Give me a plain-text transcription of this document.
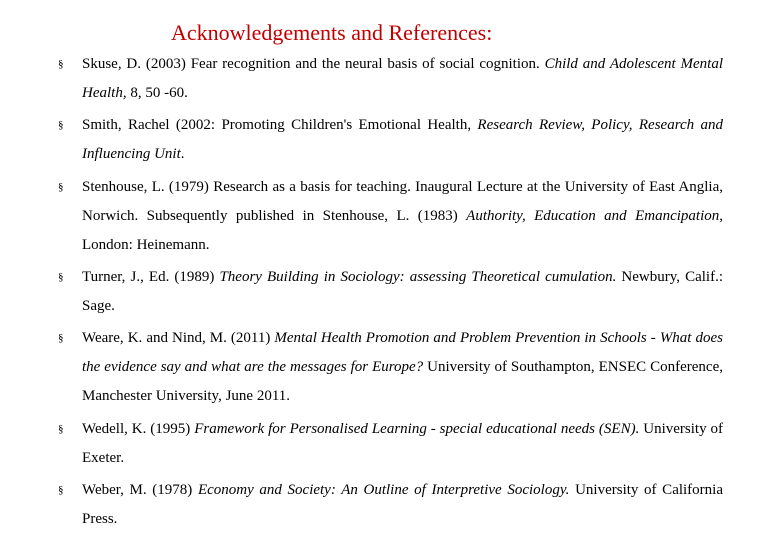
Acknowledgements and References:
§ Skuse, D. (2003) Fear recognition and the neural basis of social cognition. Child and Adolescent Mental Health, 8, 50 -60.
§ Smith, Rachel (2002: Promoting Children's Emotional Health, Research Review, Policy, Research and Influencing Unit.
§ Stenhouse, L. (1979) Research as a basis for teaching. Inaugural Lecture at the University of East Anglia, Norwich. Subsequently published in Stenhouse, L. (1983) Authority, Education and Emancipation, London: Heinemann.
§ Turner, J., Ed. (1989) Theory Building in Sociology: assessing Theoretical cumulation. Newbury, Calif.: Sage.
§ Weare, K. and Nind, M. (2011) Mental Health Promotion and Problem Prevention in Schools - What does the evidence say and what are the messages for Europe? University of Southampton, ENSEC Conference, Manchester University, June 2011.
§ Wedell, K. (1995) Framework for Personalised Learning - special educational needs (SEN). University of Exeter.
§ Weber, M. (1978) Economy and Society: An Outline of Interpretive Sociology. University of California Press.
